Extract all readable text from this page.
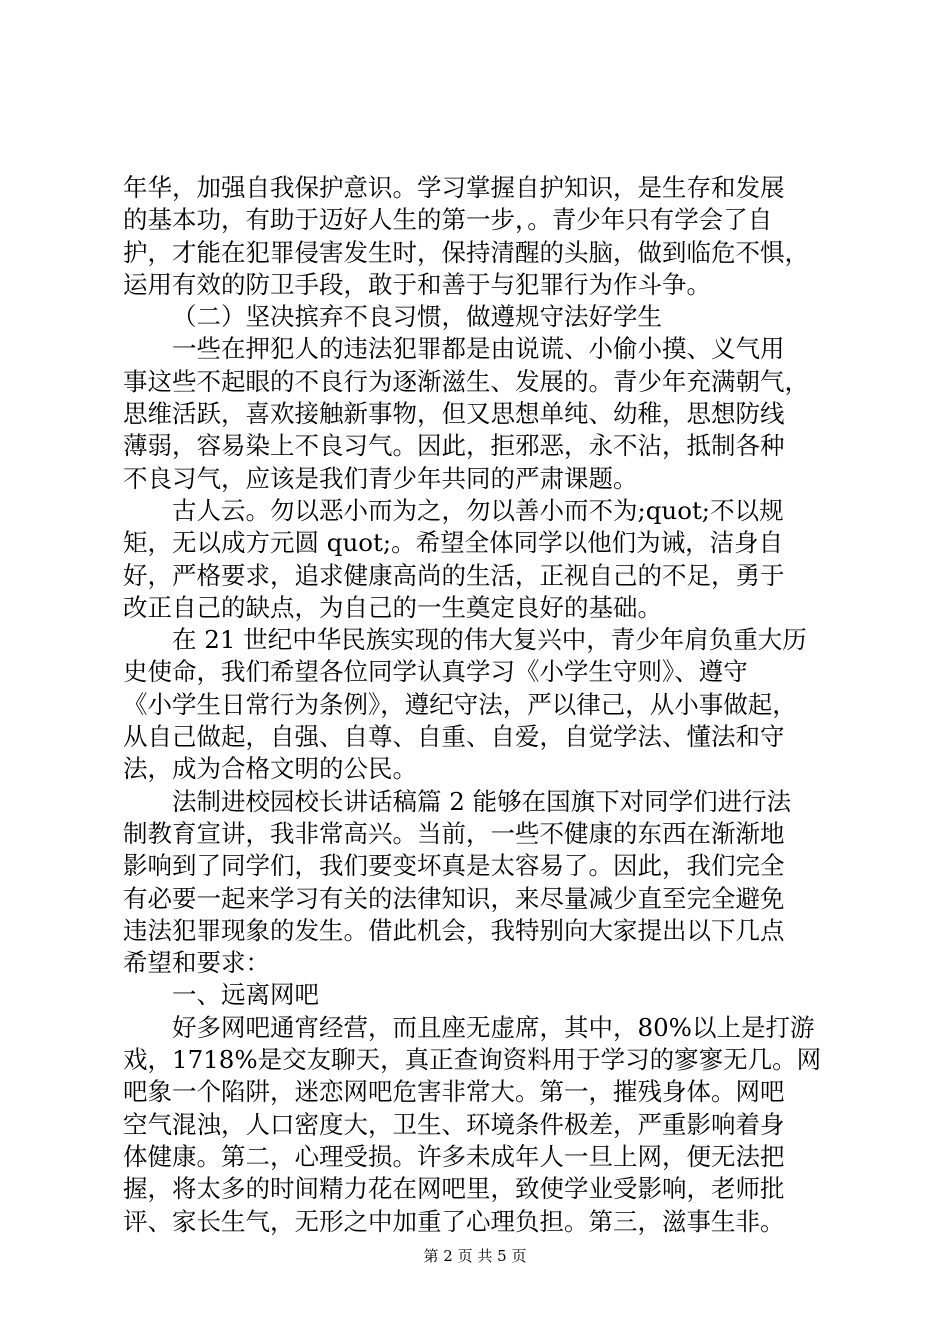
年华，加强自我保护意识。学习掌握自护知识，是生存和发展
的基本功，有助于迈好人生的第一步，。青少年只有学会了自
护，才能在犯罪侵害发生时，保持清醒的头脑，做到临危不惧，
运用有效的防卫手段，敢于和善于与犯罪行为作斗争。
（二）坚决摈弃不良习惯，做遵规守法好学生
一些在押犯人的违法犯罪都是由说谎、小偷小摸、义气用
事这些不起眼的不良行为逐渐滋生、发展的。青少年充满朝气，
思维活跃，喜欢接触新事物，但又思想单纯、幼稚，思想防线
薄弱，容易染上不良习气。因此，拒邪恶，永不沾，抵制各种
不良习气，应该是我们青少年共同的严肃课题。
古人云。勿以恶小而为之，勿以善小而不为;quot;不以规
矩，无以成方元圆 quot;。希望全体同学以他们为诫，洁身自
好，严格要求，追求健康高尚的生活，正视自己的不足，勇于
改正自己的缺点，为自己的一生奠定良好的基础。
在 21 世纪中华民族实现的伟大复兴中，青少年肩负重大历
史使命，我们希望各位同学认真学习《小学生守则》、遵守
《小学生日常行为条例》，遵纪守法，严以律己，从小事做起，
从自己做起，自强、自尊、自重、自爱，自觉学法、懂法和守
法，成为合格文明的公民。
法制进校园校长讲话稿篇 2 能够在国旗下对同学们进行法
制教育宣讲，我非常高兴。当前，一些不健康的东西在渐渐地
影响到了同学们，我们要变坏真是太容易了。因此，我们完全
有必要一起来学习有关的法律知识，来尽量减少直至完全避免
违法犯罪现象的发生。借此机会，我特别向大家提出以下几点
希望和要求：
一、远离网吧
好多网吧通宵经营，而且座无虚席，其中，80%以上是打游
戏，1718%是交友聊天，真正查询资料用于学习的寥寥无几。网
吧象一个陷阱，迷恋网吧危害非常大。第一，摧残身体。网吧
空气混浊，人口密度大，卫生、环境条件极差，严重影响着身
体健康。第二，心理受损。许多未成年人一旦上网，便无法把
握，将太多的时间精力花在网吧里，致使学业受影响，老师批
评、家长生气，无形之中加重了心理负担。第三，滋事生非。
第 2 页 共 5 页
